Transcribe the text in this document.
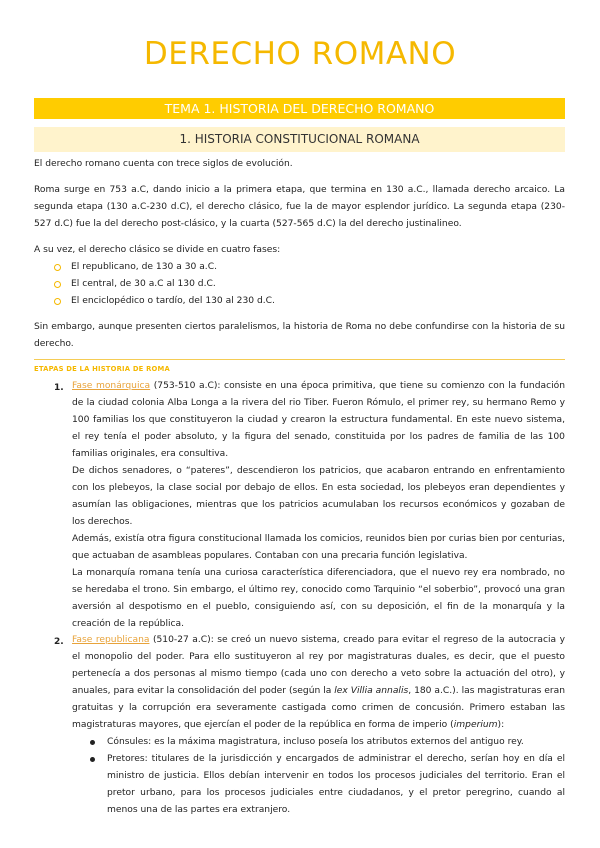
DERECHO ROMANO
TEMA 1. HISTORIA DEL DERECHO ROMANO
1. HISTORIA CONSTITUCIONAL ROMANA

El derecho romano cuenta con trece siglos de evolución.

Roma surge en 753 a.C, dando inicio a la primera etapa, que termina en 130 a.C., llamada derecho arcaico. La segunda etapa (130 a.C-230 d.C), el derecho clásico, fue la de mayor esplendor jurídico. La segunda etapa (230-527 d.C) fue la del derecho post-clásico, y la cuarta (527-565 d.C) la del derecho justinalineo.

A su vez, el derecho clásico se divide en cuatro fases:

El republicano, de 130 a 30 a.C.
El central, de 30 a.C al 130 d.C.
El enciclopédico o tardío, del 130 al 230 d.C.

Sin embargo, aunque presenten ciertos paralelismos, la historia de Roma no debe confundirse con la historia de su derecho.

ETAPAS DE LA HISTORIA DE ROMA
1. Fase monárquica (753-510 a.C): consiste en una época primitiva, que tiene su comienzo con la fundación de la ciudad colonia Alba Longa a la rivera del rio Tiber. Fueron Rómulo, el primer rey, su hermano Remo y 100 familias los que constituyeron la ciudad y crearon la estructura fundamental. En este nuevo sistema, el rey tenía el poder absoluto, y la figura del senado, constituida por los padres de familia de las 100 familias originales, era consultiva.

De dichos senadores, o “pateres”, descendieron los patricios, que acabaron entrando en enfrentamiento con los plebeyos, la clase social por debajo de ellos. En esta sociedad, los plebeyos eran dependientes y asumían las obligaciones, mientras que los patricios acumulaban los recursos económicos y gozaban de los derechos.

Además, existía otra figura constitucional llamada los comicios, reunidos bien por curias bien por centurias, que actuaban de asambleas populares. Contaban con una precaria función legislativa.

La monarquía romana tenía una curiosa característica diferenciadora, que el nuevo rey era nombrado, no se heredaba el trono. Sin embargo, el último rey, conocido como Tarquinio “el soberbio”, provocó una gran aversión al despotismo en el pueblo, consiguiendo así, con su deposición, el fin de la monarquía y la creación de la república.

2. Fase republicana (510-27 a.C): se creó un nuevo sistema, creado para evitar el regreso de la autocracia y el monopolio del poder. Para ello sustituyeron al rey por magistraturas duales, es decir, que el puesto pertenecía a dos personas al mismo tiempo (cada uno con derecho a veto sobre la actuación del otro), y anuales, para evitar la consolidación del poder (según la lex Villia annalis, 180 a.C.). las magistraturas eran gratuitas y la corrupción era severamente castigada como crimen de concusión. Primero estaban las magistraturas mayores, que ejercían el poder de la república en forma de imperio (imperium):

Cónsules: es la máxima magistratura, incluso poseía los atributos externos del antiguo rey.
Pretores: titulares de la jurisdicción y encargados de administrar el derecho, serían hoy en día el ministro de justicia. Ellos debían intervenir en todos los procesos judiciales del territorio. Eran el pretor urbano, para los procesos judiciales entre ciudadanos, y el pretor peregrino, cuando al menos una de las partes era extranjero.
